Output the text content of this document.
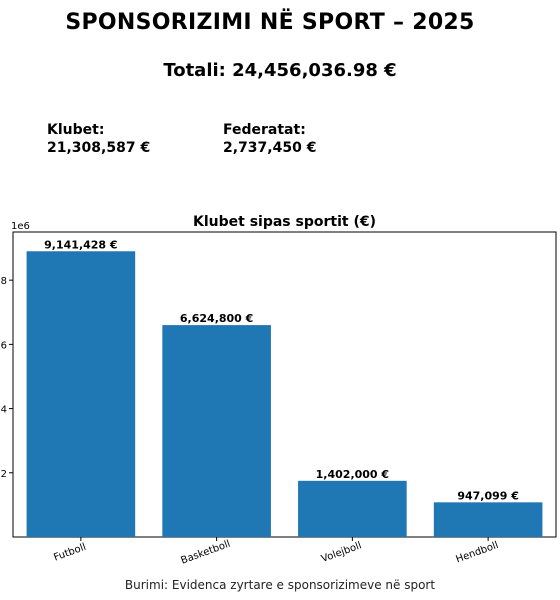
SPONSORIZIMI NË SPORT – 2025
Totali: 24,456,036.98 €
Klubet:
21,308,587 €
Federatat:
2,737,450 €
Klubet sipas sportit (€)
1e6
2
4
6
8
9,141,428 €
Futboll
6,624,800 €
Basketboll
1,402,000 €
Volejboll
947,099 €
Hendboll
Burimi: Evidenca zyrtare e sponsorizimeve në sport
